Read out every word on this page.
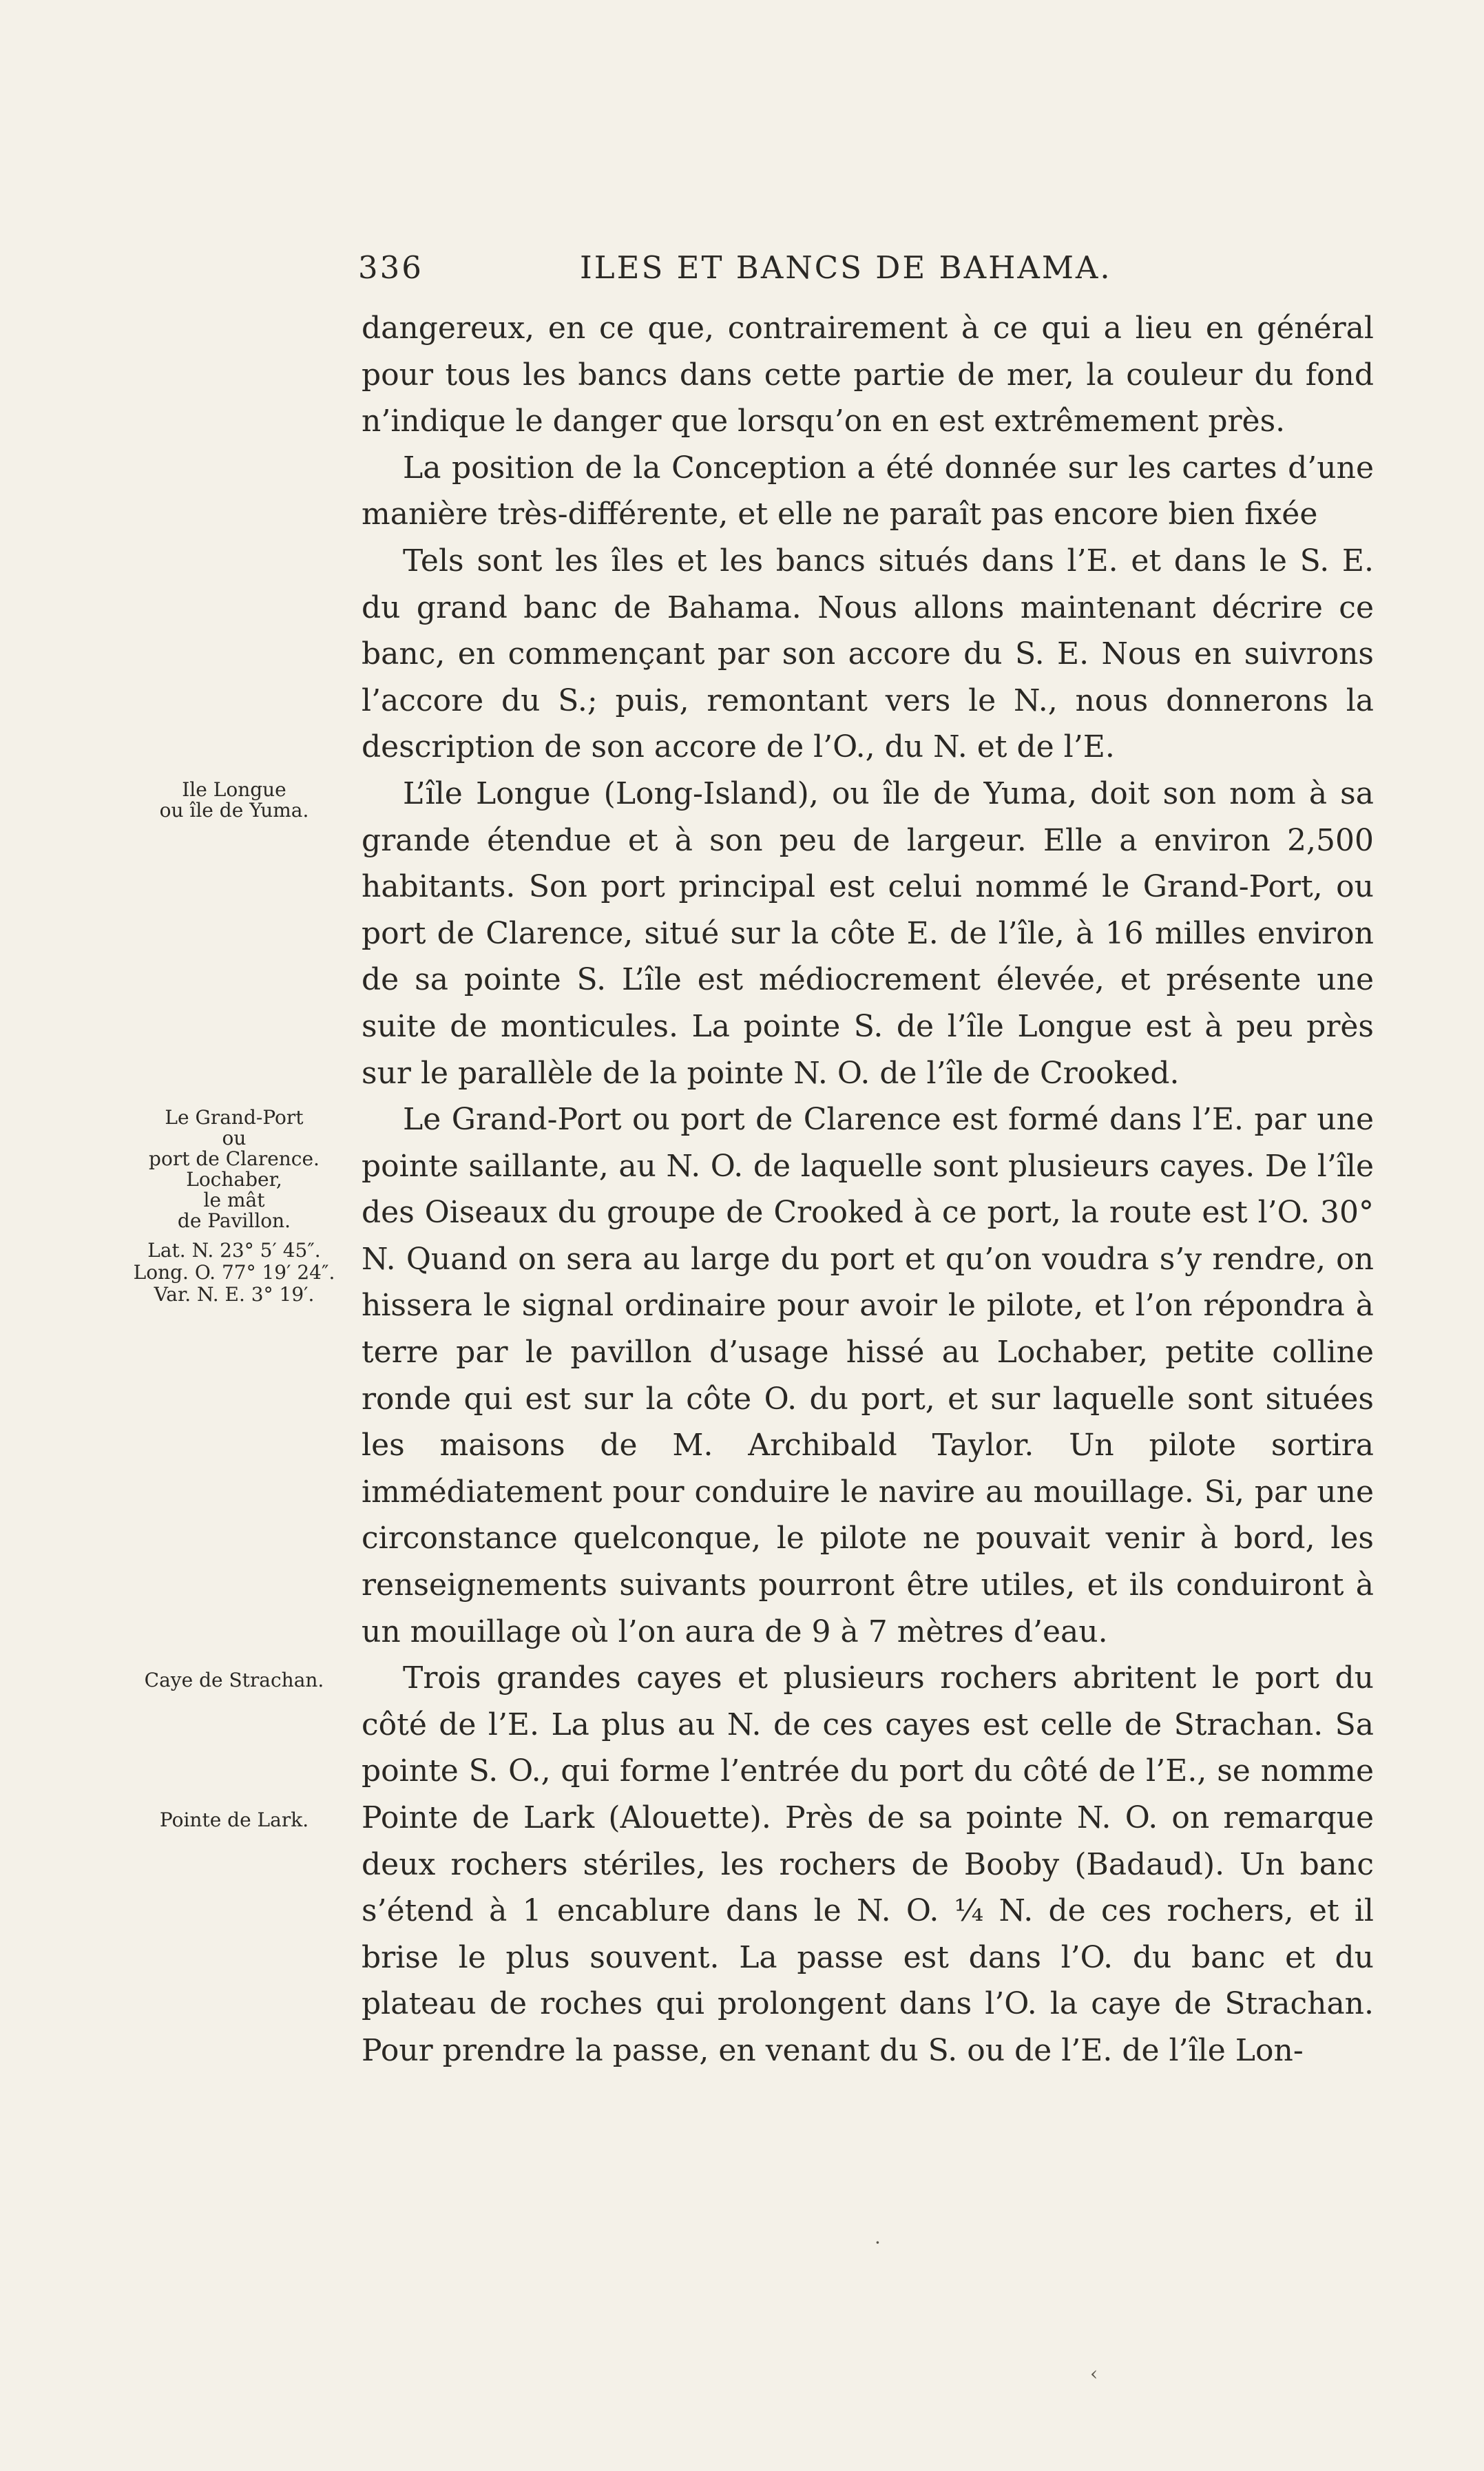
336	ILES ET BANCS DE BAHAMA.

dangereux, en ce que, contrairement à ce qui a lieu en général pour tous les bancs dans cette partie de mer, la couleur du fond n’indique le danger que lorsqu’on en est extrêmement près.

La position de la Conception a été donnée sur les cartes d’une manière très-différente, et elle ne paraît pas encore bien fixée

Tels sont les îles et les bancs situés dans l’E. et dans le S. E. du grand banc de Bahama. Nous allons maintenant décrire ce banc, en commençant par son accore du S. E. Nous en suivrons l’accore du S.; puis, remontant vers le N., nous donnerons la description de son accore de l’O., du N. et de l’E.

L’île Longue (Long-Island), ou île de Yuma, doit son nom à sa grande étendue et à son peu de largeur. Elle a environ 2,500 habitants. Son port principal est celui nommé le Grand-Port, ou port de Clarence, situé sur la côte E. de l’île, à 16 milles environ de sa pointe S. L’île est médiocrement élevée, et présente une suite de monticules. La pointe S. de l’île Longue est à peu près sur le parallèle de la pointe N. O. de l’île de Crooked.

Le Grand-Port ou port de Clarence est formé dans l’E. par une pointe saillante, au N. O. de laquelle sont plusieurs cayes. De l’île des Oiseaux du groupe de Crooked à ce port, la route est l’O. 30° N. Quand on sera au large du port et qu’on voudra s’y rendre, on hissera le signal ordinaire pour avoir le pilote, et l’on répondra à terre par le pavillon d’usage hissé au Lochaber, petite colline ronde qui est sur la côte O. du port, et sur laquelle sont situées les maisons de M. Archibald Taylor. Un pilote sortira immédiatement pour conduire le navire au mouillage. Si, par une circonstance quelconque, le pilote ne pouvait venir à bord, les renseignements suivants pourront être utiles, et ils conduiront à un mouillage où l’on aura de 9 à 7 mètres d’eau.

Trois grandes cayes et plusieurs rochers abritent le port du côté de l’E. La plus au N. de ces cayes est celle de Strachan. Sa pointe S. O., qui forme l’entrée du port du côté de l’E., se nomme Pointe de Lark (Alouette). Près de sa pointe N. O. on remarque deux rochers stériles, les rochers de Booby (Badaud). Un banc s’étend à 1 encablure dans le N. O. ¼ N. de ces rochers, et il brise le plus souvent. La passe est dans l’O. du banc et du plateau de roches qui prolongent dans l’O. la caye de Strachan. Pour prendre la passe, en venant du S. ou de l’E. de l’île Lon-

Ile Longue
ou île de Yuma.
Le Grand-Port
ou
port de Clarence.
Lochaber,
le mât
de Pavillon.
Lat. N. 23° 5′ 45″.
Long. O. 77° 19′ 24″.
Var. N. E. 3° 19′.
Caye de Strachan.
Pointe de Lark.
·
‹
